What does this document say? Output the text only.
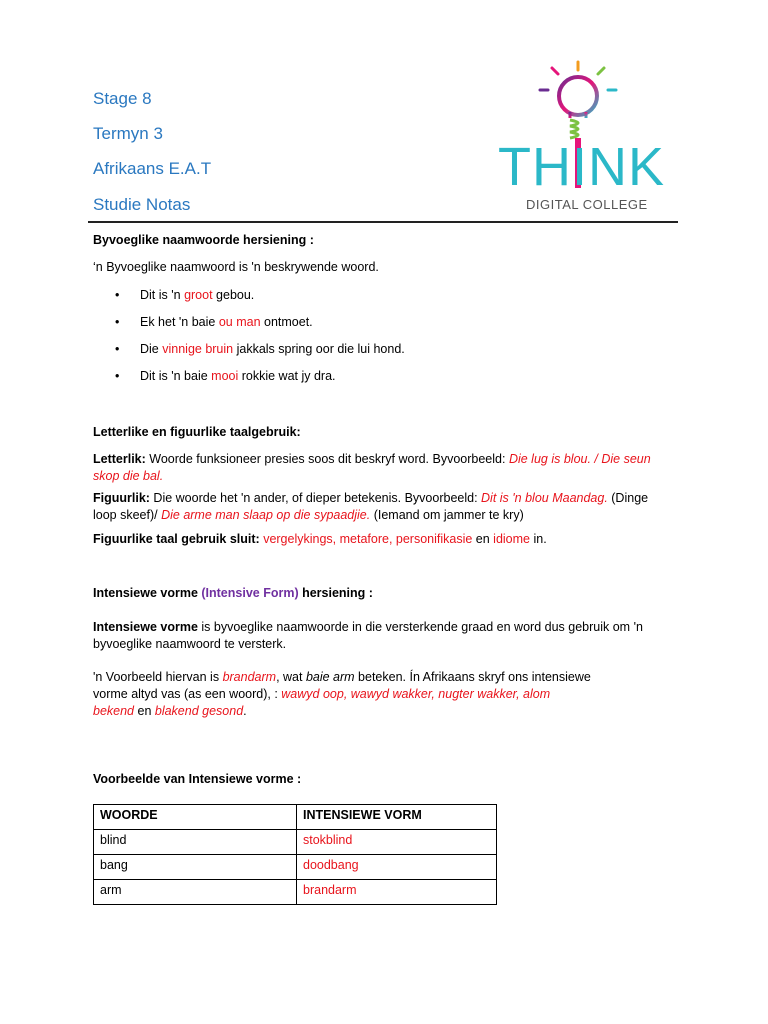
Stage 8
Termyn 3
Afrikaans E.A.T
Studie Notas
THINK
DIGITAL COLLEGE
Byvoeglike naamwoorde hersiening :
‘n Byvoeglike naamwoord is 'n beskrywende woord.
• Dit is 'n groot gebou.
• Ek het 'n baie ou man ontmoet.
• Die vinnige bruin jakkals spring oor die lui hond.
• Dit is 'n baie mooi rokkie wat jy dra.
Letterlike en figuurlike taalgebruik:
Letterlik: Woorde funksioneer presies soos dit beskryf word. Byvoorbeeld: Die lug is blou. / Die seun
skop die bal.
Figuurlik: Die woorde het 'n ander, of dieper betekenis. Byvoorbeeld: Dit is 'n blou Maandag. (Dinge
loop skeef)/ Die arme man slaap op die sypaadjie. (Iemand om jammer te kry)
Figuurlike taal gebruik sluit: vergelykings, metafore, personifikasie en idiome in.
Intensiewe vorme (Intensive Form) hersiening :
Intensiewe vorme is byvoeglike naamwoorde in die versterkende graad en word dus gebruik om 'n
byvoeglike naamwoord te versterk.
'n Voorbeeld hiervan is brandarm, wat baie arm beteken. Ín Afrikaans skryf ons intensiewe
vorme altyd vas (as een woord), : wawyd oop, wawyd wakker, nugter wakker, alom
bekend en blakend gesond.
Voorbeelde van Intensiewe vorme :
WOORDE	INTENSIEWE VORM
blind	stokblind
bang	doodbang
arm	brandarm
